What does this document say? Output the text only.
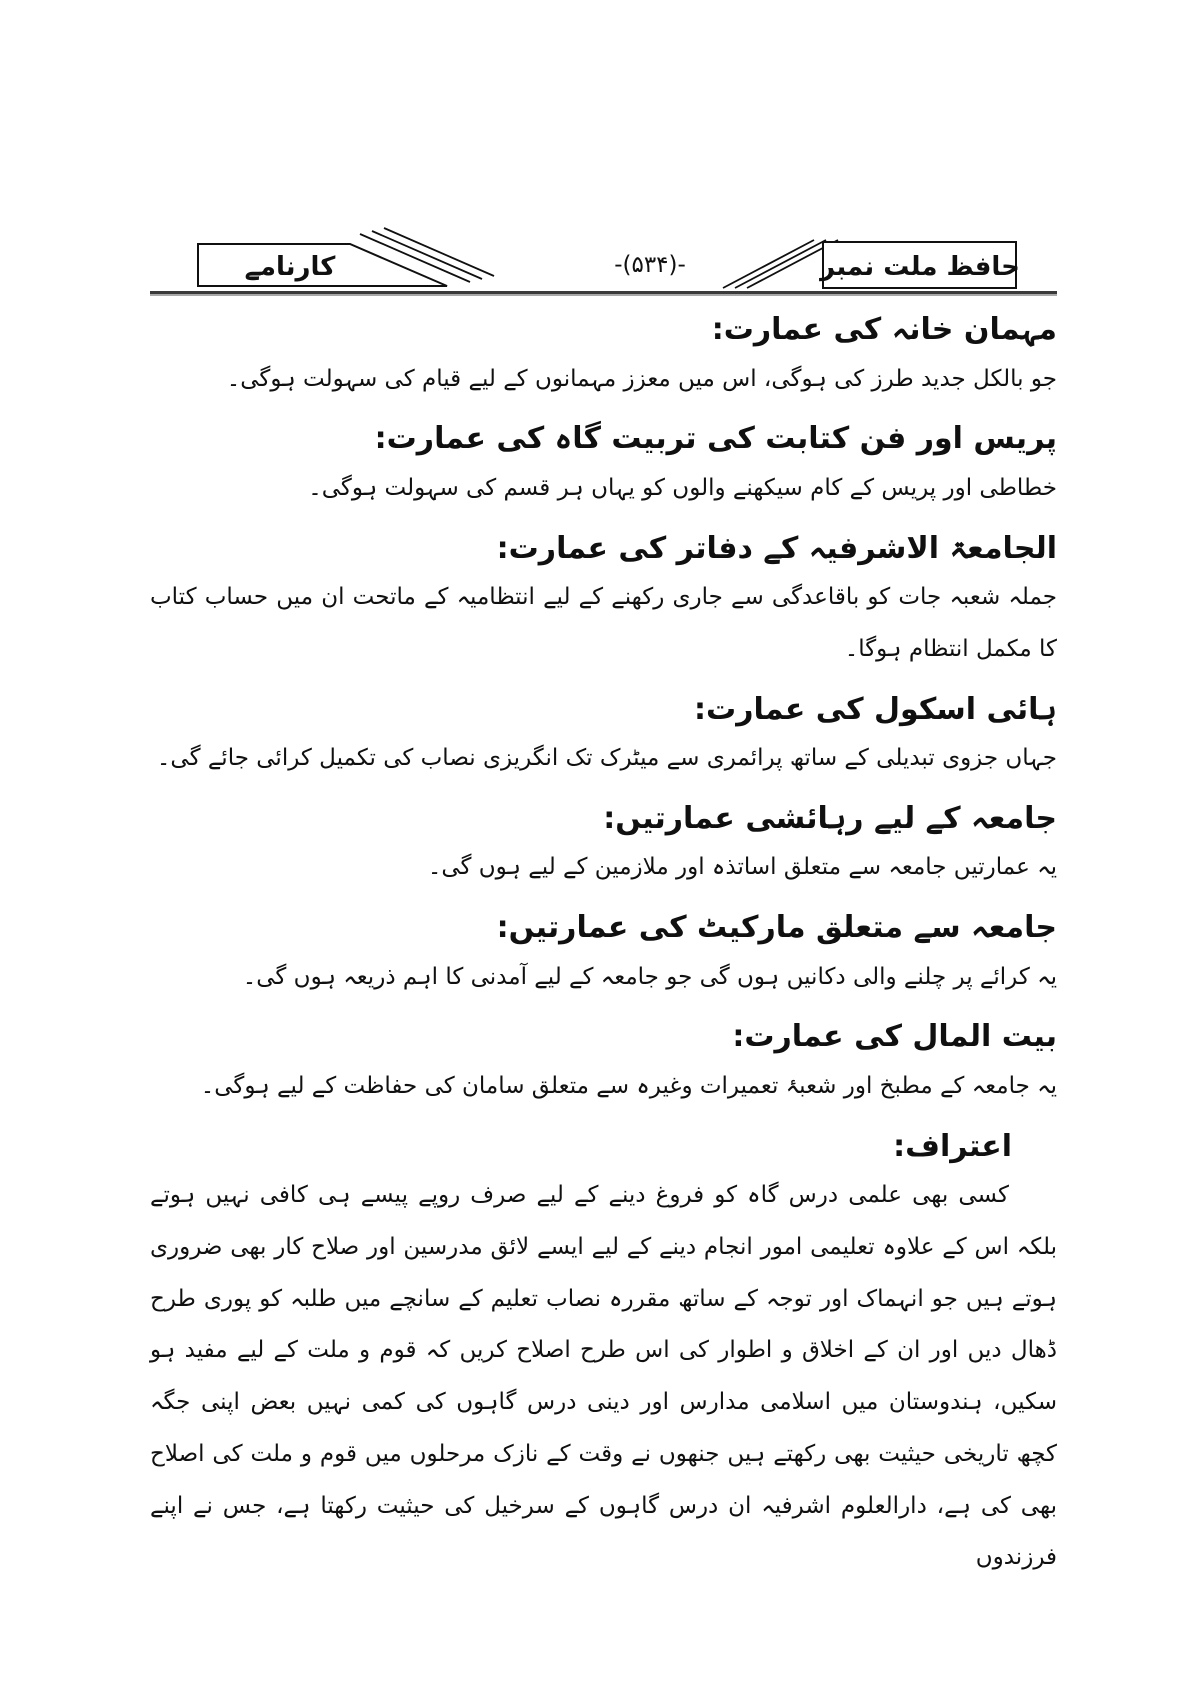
کارنامے	-(۵۳۴)-	حافظ ملت نمبر
مہمان خانہ کی عمارت:

جو بالکل جدید طرز کی ہوگی، اس میں معزز مہمانوں کے لیے قیام کی سہولت ہوگی۔

پریس اور فن کتابت کی تربیت گاہ کی عمارت:

خطاطی اور پریس کے کام سیکھنے والوں کو یہاں ہر قسم کی سہولت ہوگی۔

الجامعۃ الاشرفیہ کے دفاتر کی عمارت:

جملہ شعبہ جات کو باقاعدگی سے جاری رکھنے کے لیے انتظامیہ کے ماتحت ان میں حساب کتاب کا مکمل انتظام ہوگا۔

ہائی اسکول کی عمارت:

جہاں جزوی تبدیلی کے ساتھ پرائمری سے میٹرک تک انگریزی نصاب کی تکمیل کرائی جائے گی۔

جامعہ کے لیے رہائشی عمارتیں:

یہ عمارتیں جامعہ سے متعلق اساتذہ اور ملازمین کے لیے ہوں گی۔

جامعہ سے متعلق مارکیٹ کی عمارتیں:

یہ کرائے پر چلنے والی دکانیں ہوں گی جو جامعہ کے لیے آمدنی کا اہم ذریعہ ہوں گی۔

بیت المال کی عمارت:

یہ جامعہ کے مطبخ اور شعبۂ تعمیرات وغیرہ سے متعلق سامان کی حفاظت کے لیے ہوگی۔

اعتراف:

کسی بھی علمی درس گاہ کو فروغ دینے کے لیے صرف روپے پیسے ہی کافی نہیں ہوتے بلکہ اس کے علاوہ تعلیمی امور انجام دینے کے لیے ایسے لائق مدرسین اور صلاح کار بھی ضروری ہوتے ہیں جو انہماک اور توجہ کے ساتھ مقررہ نصاب تعلیم کے سانچے میں طلبہ کو پوری طرح ڈھال دیں اور ان کے اخلاق و اطوار کی اس طرح اصلاح کریں کہ قوم و ملت کے لیے مفید ہو سکیں، ہندوستان میں اسلامی مدارس اور دینی درس گاہوں کی کمی نہیں بعض اپنی جگہ کچھ تاریخی حیثیت بھی رکھتے ہیں جنھوں نے وقت کے نازک مرحلوں میں قوم و ملت کی اصلاح بھی کی ہے، دارالعلوم اشرفیہ ان درس گاہوں کے سرخیل کی حیثیت رکھتا ہے، جس نے اپنے فرزندوں
